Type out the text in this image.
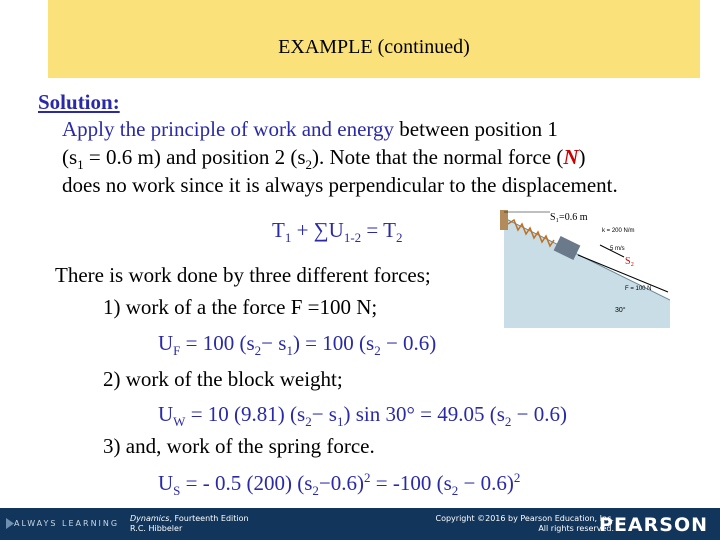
EXAMPLE (continued)
Solution:
Apply the principle of work and energy between position 1
($s_1 = 0.6$ m) and position 2 $(s_2)$. Note that the normal force (N)
does no work since it is always perpendicular to the displacement.
$T_1 + \sum U_{1-2} = T_2$
S₁=0.6 m
S₂
k = 200 N/m
5 m/s
F = 100 N
30°
There is work done by three different forces;
1) work of a the force F =100 N;
$U_F = 100$ $(s_2- s_1) = 100$ $(s_2 - 0.6)$
2) work of the block weight;
$U_W = 10$ (9.81) $(s_2- s_1)$ sin 30° = 49.05 $(s_2 - 0.6)$
3) and, work of the spring force.
$U_S$ = - 0.5 (200) $(s_2-0.6)^2 = -100$ $(s_2 - 0.6)^2$
ALWAYS LEARNING
Dynamics, Fourteenth Edition
R.C. Hibbeler
Copyright ©2016 by Pearson Education, Inc.
All rights reserved.
PEARSON
